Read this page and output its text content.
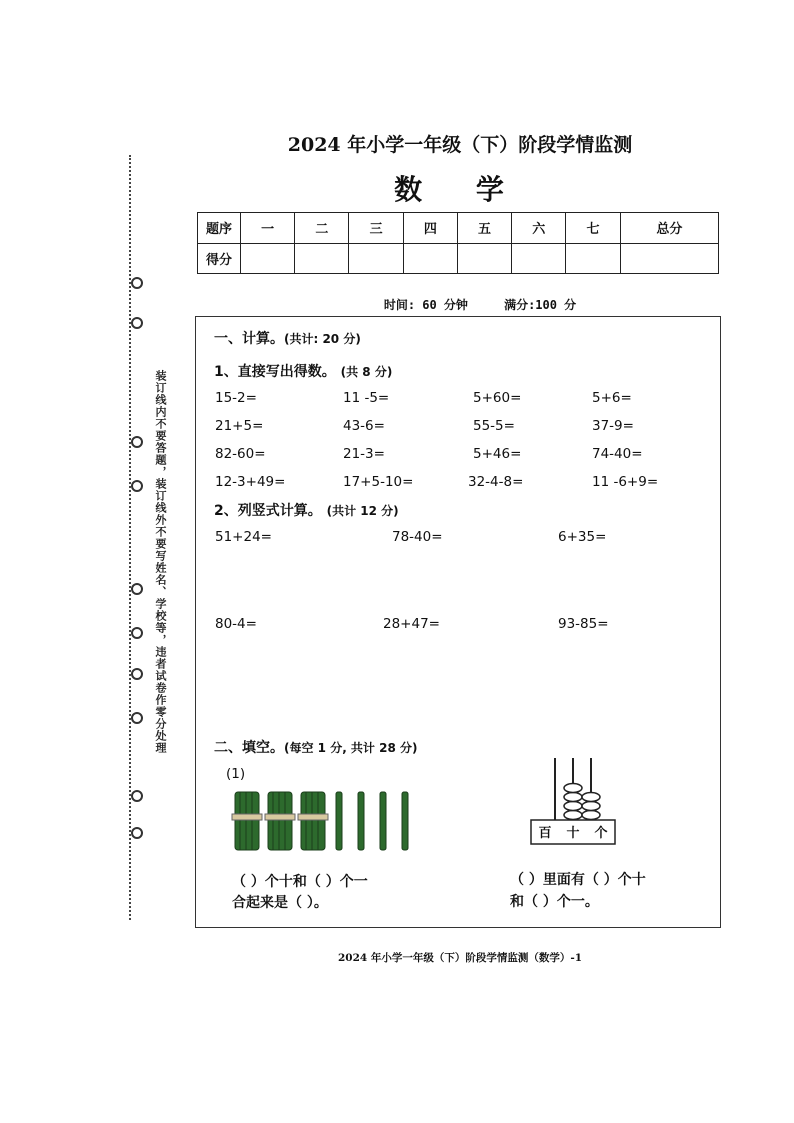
装订线内不要答题，装订线外不要写姓名、学校等，违者试卷作零分处理
2024 年小学一年级（下）阶段学情监测
数 学
题序	一	二	三	四	五	六	七	总分
得分								
时间: 60 分钟	满分:100 分
一、计算。(共计: 20 分)
1、直接写出得数。 (共 8 分)
15-2=	11 -5=	5+60=	5+6=
21+5=	43-6=	55-5=	37-9=
82-60=	21-3=	5+46=	74-40=
12-3+49=	17+5-10=	32-4-8=	11 -6+9=
2、列竖式计算。 (共计 12 分)
51+24=	78-40=	6+35=
80-4=	28+47=	93-85=
二、填空。(每空 1 分, 共计 28 分)
(1)
百 十 个
（ ）个十和（ ）个一
合起来是（ ）。
（ ）里面有（ ）个十
和（ ）个一。
2024 年小学一年级（下）阶段学情监测（数学）-1
